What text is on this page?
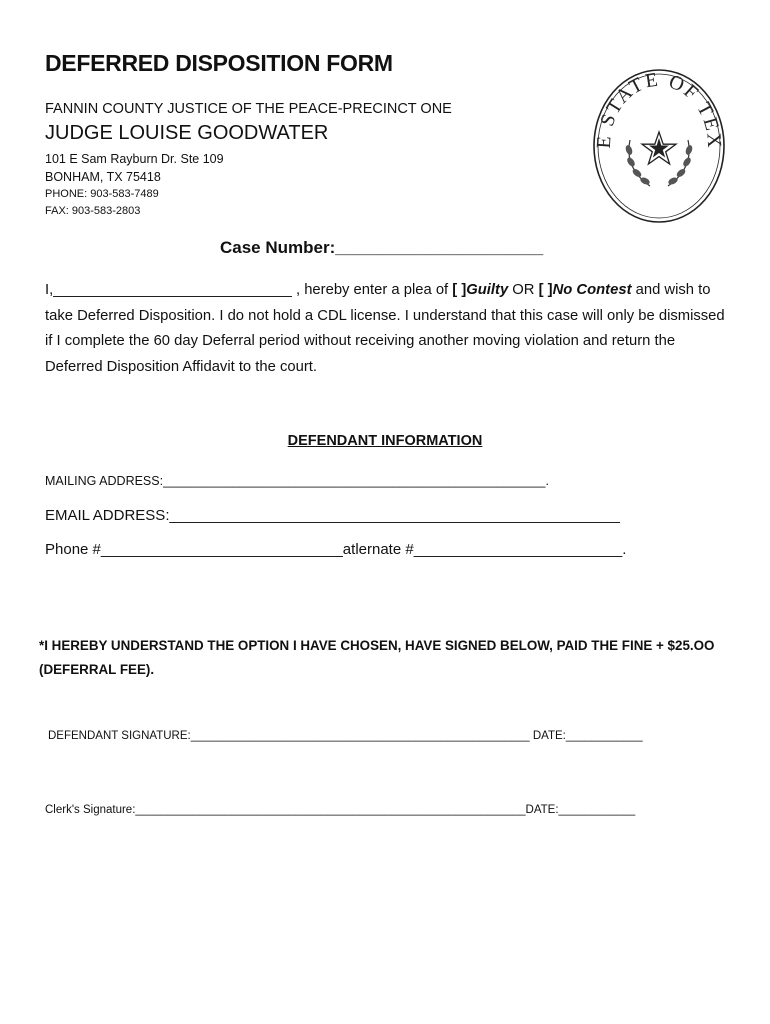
DEFERRED DISPOSITION FORM
FANNIN COUNTY JUSTICE OF THE PEACE-PRECINCT ONE
JUDGE LOUISE GOODWATER
101 E Sam Rayburn Dr. Ste 109
BONHAM, TX 75418
PHONE: 903-583-7489
FAX: 903-583-2803
E STATE OF TEX
Case Number:______________________
I,_____________________________ , hereby enter a plea of [ ]Guilty OR [ ]No Contest and wish to take Deferred Disposition. I do not hold a CDL license. I understand that this case will only be dismissed if I complete the 60 day Deferral period without receiving another moving violation and return the Deferred Disposition Affidavit to the court.
DEFENDANT INFORMATION
MAILING ADDRESS:_______________________________________________________.
EMAIL ADDRESS:______________________________________________________
Phone #_____________________________atlernate #_________________________.
*I HEREBY UNDERSTAND THE OPTION I HAVE CHOSEN, HAVE SIGNED BELOW, PAID THE FINE + $25.OO (DEFERRAL FEE).
DEFENDANT SIGNATURE:_____________________________________________________ DATE:____________
Clerk's Signature:_____________________________________________________________DATE:____________
